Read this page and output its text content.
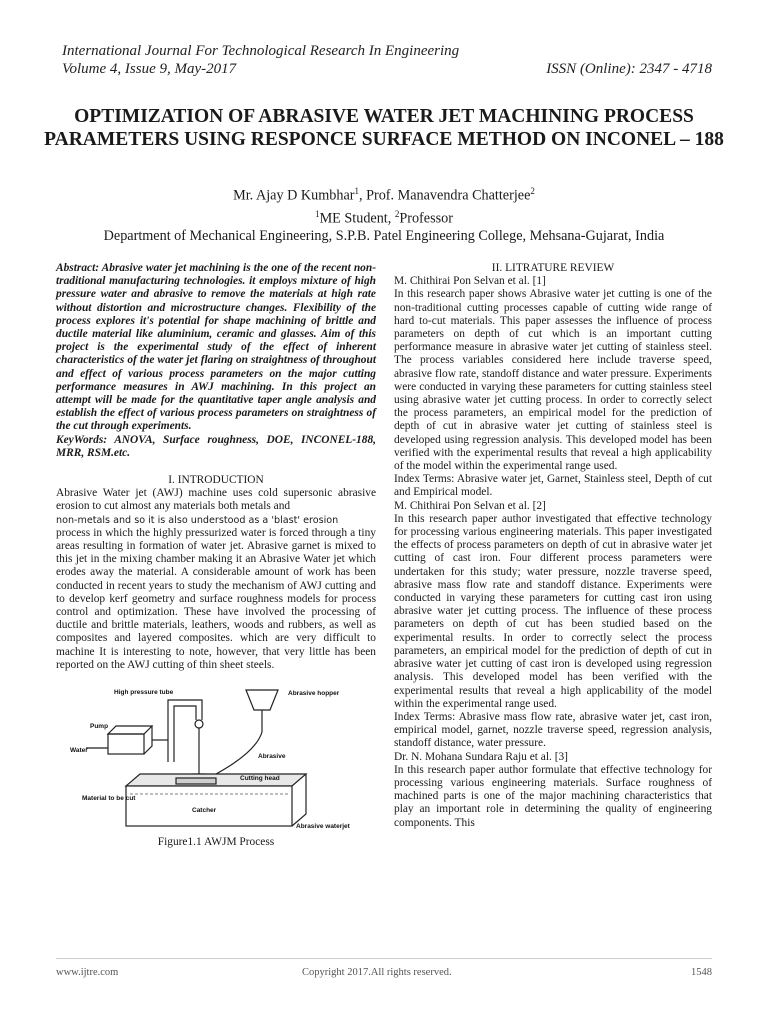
International Journal For Technological Research In Engineering
Volume 4, Issue 9, May-2017	ISSN (Online): 2347 - 4718
OPTIMIZATION OF ABRASIVE WATER JET MACHINING PROCESS PARAMETERS USING RESPONCE SURFACE METHOD ON INCONEL – 188
Mr. Ajay D Kumbhar$^1$, Prof. Manavendra Chatterjee$^2$
$^1$ME Student, $^2$Professor
Department of Mechanical Engineering, S.P.B. Patel Engineering College, Mehsana-Gujarat, India

Abstract: Abrasive water jet machining is the one of the recent non-traditional manufacturing technologies. it employs mixture of high pressure water and abrasive to remove the materials at high rate without distortion and microstructure changes. Flexibility of the process explores it's potential for shape machining of brittle and ductile material like aluminium, ceramic and glasses. Aim of this project is the experimental study of the effect of inherent characteristics of the water jet flaring on straightness of throughout and effect of various process parameters on the major cutting performance measures in AWJ machining. In this project an attempt will be made for the quantitative taper angle analysis and establish the effect of various process parameters on straightness of the cut through experiments.

KeyWords: ANOVA, Surface roughness, DOE, INCONEL-188, MRR, RSM.etc.

I. INTRODUCTION

Abrasive Water jet (AWJ) machine uses cold supersonic abrasive erosion to cut almost any materials both metals and

non-metals and so it is also understood as a 'blast' erosion

process in which the highly pressurized water is forced through a tiny areas resulting in formation of water jet. Abrasive garnet is mixed to this jet in the mixing chamber making it an Abrasive Water jet which erodes away the material. A considerable amount of work has been conducted in recent years to study the mechanism of AWJ cutting and to develop kerf geometry and surface roughness models for process control and optimization. These have involved the processing of ductile and brittle materials, leathers, woods and rubbers, as well as composites and layered composites. which are very difficult to machine It is interesting to note, however, that very little has been reported on the AWJ cutting of thin sheet steels.

High pressure tube	Abrasive hopper
Pump
Abrasive
Water
Cutting head
Material to be cut
Catcher
Abrasive waterjet
Figure1.1 AWJM Process

II. LITRATURE REVIEW

M. Chithirai Pon Selvan et al. [1]

In this research paper shows Abrasive water jet cutting is one of the non-traditional cutting processes capable of cutting wide range of hard to-cut materials. This paper assesses the influence of process parameters on depth of cut which is an important cutting performance measure in abrasive water jet cutting of stainless steel. The process variables considered here include traverse speed, abrasive flow rate, standoff distance and water pressure. Experiments were conducted in varying these parameters for cutting stainless steel using abrasive water jet cutting process. In order to correctly select the process parameters, an empirical model for the prediction of depth of cut in abrasive water jet cutting of stainless steel is developed using regression analysis. This developed model has been verified with the experimental results that reveal a high applicability of the model within the experimental range used.

Index Terms: Abrasive water jet, Garnet, Stainless steel, Depth of cut and Empirical model.

M. Chithirai Pon Selvan et al. [2]

In this research paper author investigated that effective technology for processing various engineering materials. This paper investigated the effects of process parameters on depth of cut in abrasive water jet cutting of cast iron. Four different process parameters were undertaken for this study; water pressure, nozzle traverse speed, abrasive mass flow rate and standoff distance. Experiments were conducted in varying these parameters for cutting cast iron using abrasive water jet cutting process. The influence of these process parameters on depth of cut has been studied based on the experimental results. In order to correctly select the process parameters, an empirical model for the prediction of depth of cut in abrasive water jet cutting of cast iron is developed using regression analysis. This developed model has been verified with the experimental results that reveal a high applicability of the model within the experimental range used.

Index Terms: Abrasive mass flow rate, abrasive water jet, cast iron, empirical model, garnet, nozzle traverse speed, regression analysis, standoff distance, water pressure.

Dr. N. Mohana Sundara Raju et al. [3]

In this research paper author formulate that effective technology for processing various engineering materials. Surface roughness of machined parts is one of the major machining characteristics that play an important role in determining the quality of engineering components. This

www.ijtre.com	Copyright 2017.All rights reserved.	1548
